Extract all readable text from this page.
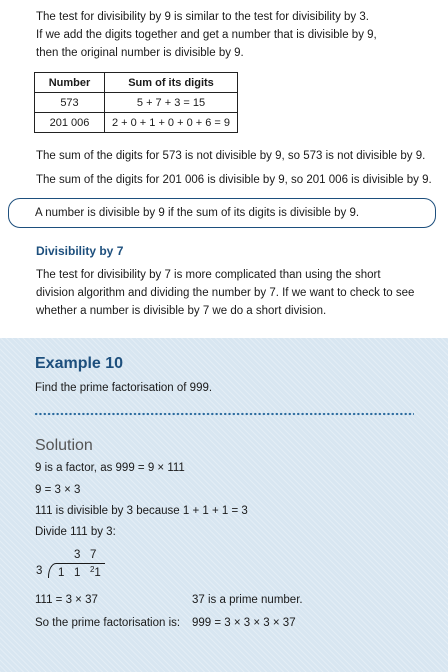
The test for divisibility by 9 is similar to the test for divisibility by 3.
If we add the digits together and get a number that is divisible by 9,
then the original number is divisible by 9.
Number	Sum of its digits
573	5 + 7 + 3 = 15
201 006	2 + 0 + 1 + 0 + 0 + 6 = 9
The sum of the digits for 573 is not divisible by 9, so 573 is not divisible by 9.
The sum of the digits for 201 006 is divisible by 9, so 201 006 is divisible by 9.
A number is divisible by 9 if the sum of its digits is divisible by 9.
Divisibility by 7
The test for divisibility by 7 is more complicated than using the short
division algorithm and dividing the number by 7. If we want to check to see
whether a number is divisible by 7 we do a short division.
Example 10
Find the prime factorisation of 999.
Solution
9 is a factor, as 999 = 9 × 111
9 = 3 × 3
111 is divisible by 3 because 1 + 1 + 1 = 3
Divide 111 by 3:
3   7
3 1   1   $^2$1
111 = 3 × 37	37 is a prime number.
So the prime factorisation is: 999 = 3 × 3 × 3 × 37
